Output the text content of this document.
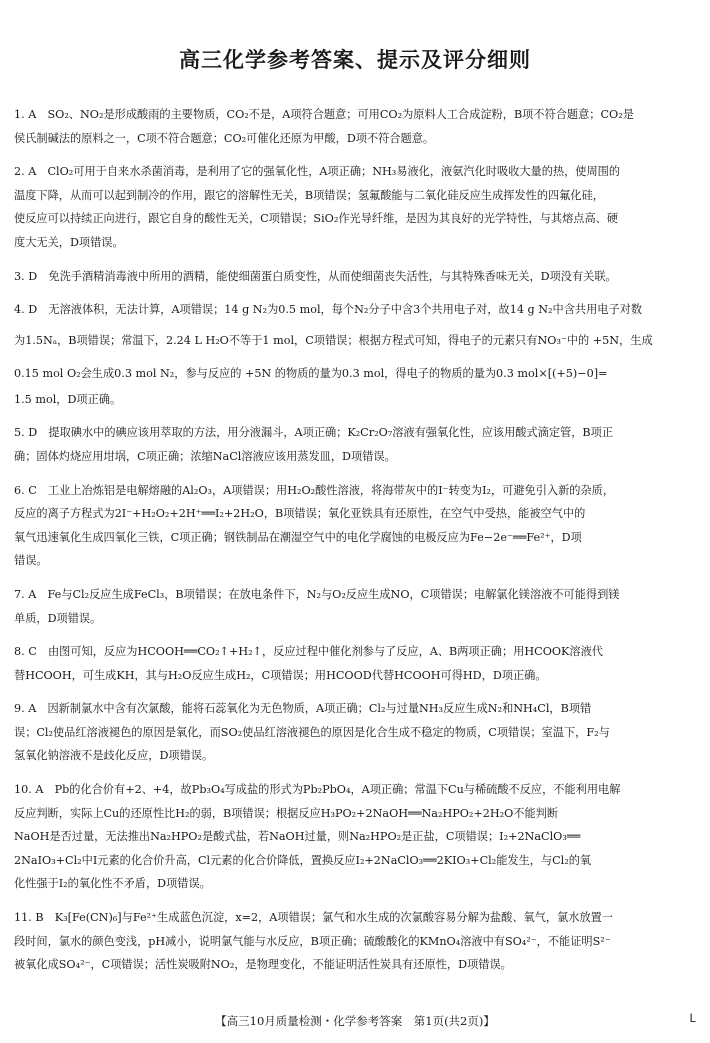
高三化学参考答案、提示及评分细则
1. A　SO₂、NO₂是形成酸雨的主要物质，CO₂不是，A项符合题意；可用CO₂为原料人工合成淀粉，B项不符合题意；CO₂是
侯氏制碱法的原料之一，C项不符合题意；CO₂可催化还原为甲酸，D项不符合题意。
2. A　ClO₂可用于自来水杀菌消毒，是利用了它的强氧化性，A项正确；NH₃易液化，液氨汽化时吸收大量的热，使周围的
温度下降，从而可以起到制冷的作用，跟它的溶解性无关，B项错误；氢氟酸能与二氧化硅反应生成挥发性的四氟化硅，
使反应可以持续正向进行，跟它自身的酸性无关，C项错误；SiO₂作光导纤维，是因为其良好的光学特性，与其熔点高、硬
度大无关，D项错误。
3. D　免洗手酒精消毒液中所用的酒精，能使细菌蛋白质变性，从而使细菌丧失活性，与其特殊香味无关，D项没有关联。
4. D　无溶液体积，无法计算，A项错误；14 g N₂为0.5 mol，每个N₂分子中含3个共用电子对，故14 g N₂中含共用电子对数
为1.5Nₐ，B项错误；常温下，2.24 L H₂O不等于1 mol，C项错误；根据方程式可知，得电子的元素只有NO₃⁻中的 +5N，生成
0.15 mol O₂会生成0.3 mol N₂，参与反应的 +5N 的物质的量为0.3 mol，得电子的物质的量为0.3 mol×[(+5)−0]=
1.5 mol，D项正确。
5. D　提取碘水中的碘应该用萃取的方法，用分液漏斗，A项正确；K₂Cr₂O₇溶液有强氧化性，应该用酸式滴定管，B项正
确；固体灼烧应用坩埚，C项正确；浓缩NaCl溶液应该用蒸发皿，D项错误。
6. C　工业上冶炼铝是电解熔融的Al₂O₃，A项错误；用H₂O₂酸性溶液，将海带灰中的I⁻转变为I₂，可避免引入新的杂质，
反应的离子方程式为2I⁻+H₂O₂+2H⁺══I₂+2H₂O，B项错误；氧化亚铁具有还原性，在空气中受热，能被空气中的
氧气迅速氧化生成四氧化三铁，C项正确；钢铁制品在潮湿空气中的电化学腐蚀的电极反应为Fe−2e⁻══Fe²⁺，D项
错误。
7. A　Fe与Cl₂反应生成FeCl₃，B项错误；在放电条件下，N₂与O₂反应生成NO，C项错误；电解氯化镁溶液不可能得到镁
单质，D项错误。
8. C　由图可知，反应为HCOOH══CO₂↑+H₂↑，反应过程中催化剂参与了反应，A、B两项正确；用HCOOK溶液代
替HCOOH，可生成KH，其与H₂O反应生成H₂，C项错误；用HCOOD代替HCOOH可得HD，D项正确。
9. A　因新制氯水中含有次氯酸，能将石蕊氧化为无色物质，A项正确；Cl₂与过量NH₃反应生成N₂和NH₄Cl，B项错
误；Cl₂使品红溶液褪色的原因是氧化，而SO₂使品红溶液褪色的原因是化合生成不稳定的物质，C项错误；室温下，F₂与
氢氧化钠溶液不是歧化反应，D项错误。
10. A　Pb的化合价有+2、+4，故Pb₃O₄写成盐的形式为Pb₂PbO₄，A项正确；常温下Cu与稀硫酸不反应，不能利用电解
反应判断，实际上Cu的还原性比H₂的弱，B项错误；根据反应H₃PO₂+2NaOH══Na₂HPO₂+2H₂O不能判断
NaOH是否过量，无法推出Na₂HPO₂是酸式盐，若NaOH过量，则Na₂HPO₂是正盐，C项错误；I₂+2NaClO₃══
2NaIO₃+Cl₂中I元素的化合价升高，Cl元素的化合价降低，置换反应I₂+2NaClO₃══2KIO₃+Cl₂能发生，与Cl₂的氧
化性强于I₂的氧化性不矛盾，D项错误。
11. B　K₃[Fe(CN)₆]与Fe²⁺生成蓝色沉淀，x=2，A项错误；氯气和水生成的次氯酸容易分解为盐酸、氧气，氯水放置一
段时间，氯水的颜色变浅，pH减小，说明氯气能与水反应，B项正确；硫酸酸化的KMnO₄溶液中有SO₄²⁻，不能证明S²⁻
被氧化成SO₄²⁻，C项错误；活性炭吸附NO₂，是物理变化，不能证明活性炭具有还原性，D项错误。
【高三10月质量检测・化学参考答案　第1页(共2页)】	L
